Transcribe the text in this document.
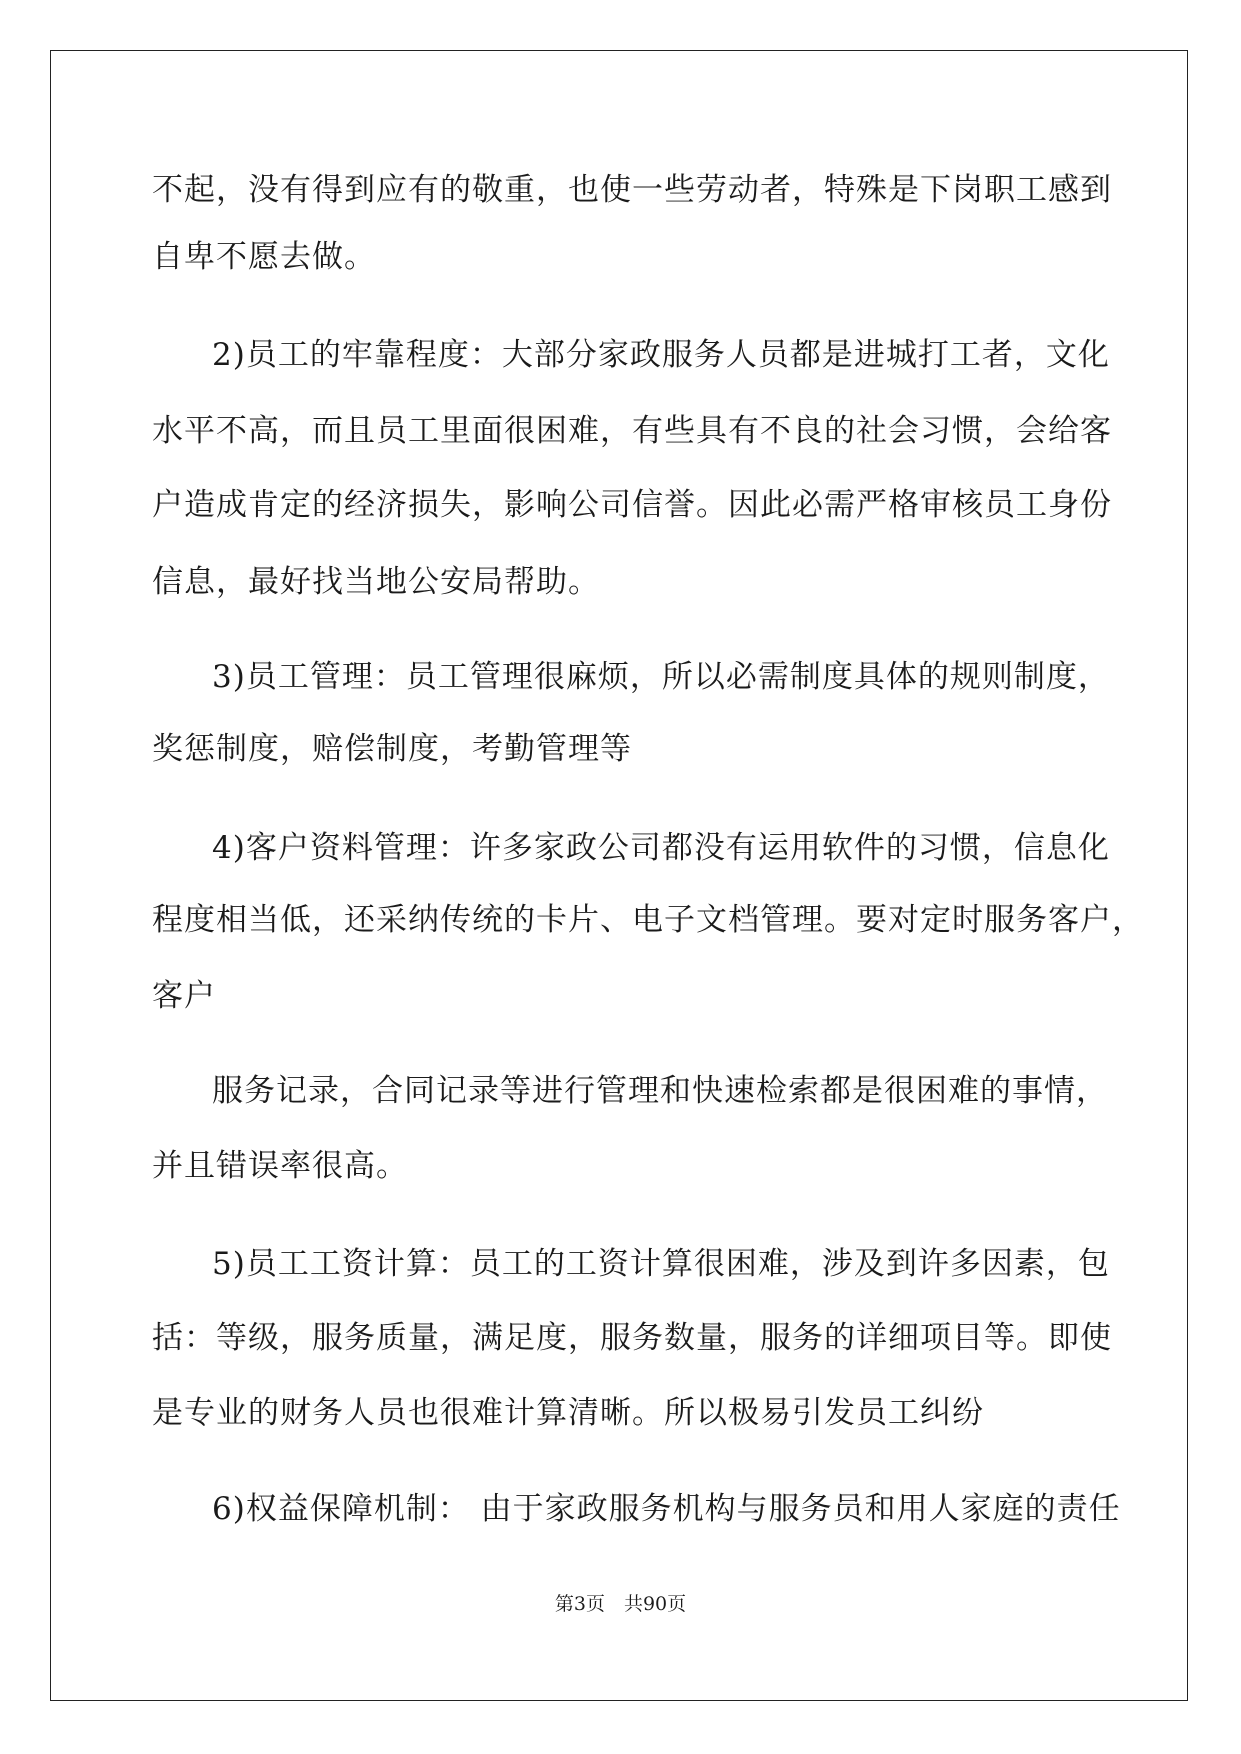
不起，没有得到应有的敬重，也使一些劳动者，特殊是下岗职工感到
自卑不愿去做。
2)员工的牢靠程度：大部分家政服务人员都是进城打工者，文化
水平不高，而且员工里面很困难，有些具有不良的社会习惯，会给客
户造成肯定的经济损失，影响公司信誉。因此必需严格审核员工身份
信息，最好找当地公安局帮助。
3)员工管理：员工管理很麻烦，所以必需制度具体的规则制度，
奖惩制度，赔偿制度，考勤管理等
4)客户资料管理：许多家政公司都没有运用软件的习惯，信息化
程度相当低，还采纳传统的卡片、电子文档管理。要对定时服务客户，
客户
服务记录，合同记录等进行管理和快速检索都是很困难的事情，
并且错误率很高。
5)员工工资计算：员工的工资计算很困难，涉及到许多因素，包
括：等级，服务质量，满足度，服务数量，服务的详细项目等。即使
是专业的财务人员也很难计算清晰。所以极易引发员工纠纷
6)权益保障机制： 由于家政服务机构与服务员和用人家庭的责任
第3页　共90页
